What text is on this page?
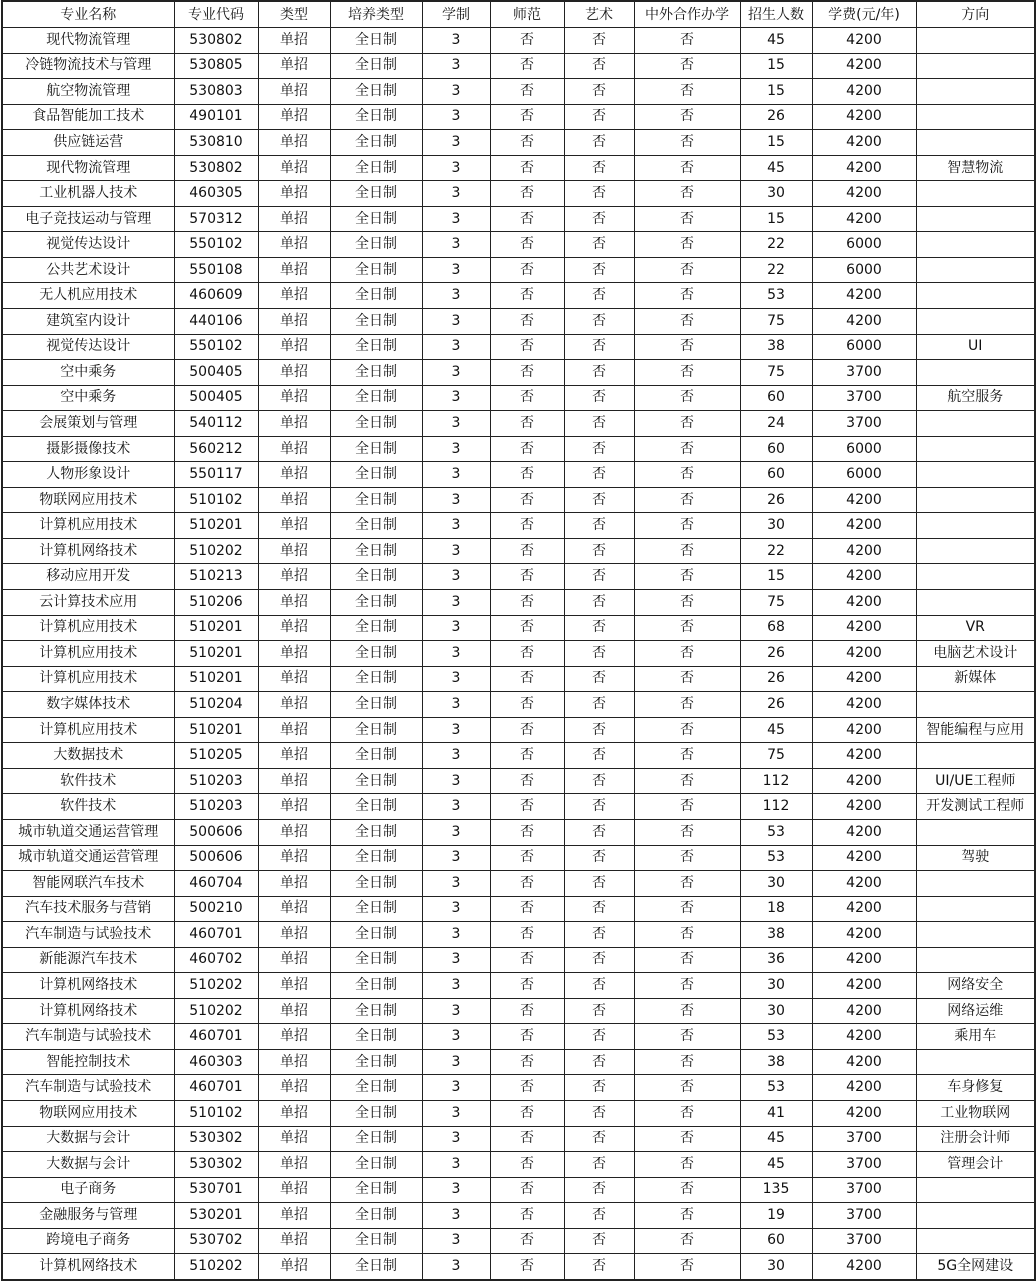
专业名称	专业代码	类型	培养类型	学制	师范	艺术	中外合作办学	招生人数	学费(元/年)	方向
现代物流管理	530802	单招	全日制	3	否	否	否	45	4200	
冷链物流技术与管理	530805	单招	全日制	3	否	否	否	15	4200	
航空物流管理	530803	单招	全日制	3	否	否	否	15	4200	
食品智能加工技术	490101	单招	全日制	3	否	否	否	26	4200	
供应链运营	530810	单招	全日制	3	否	否	否	15	4200	
现代物流管理	530802	单招	全日制	3	否	否	否	45	4200	智慧物流
工业机器人技术	460305	单招	全日制	3	否	否	否	30	4200	
电子竞技运动与管理	570312	单招	全日制	3	否	否	否	15	4200	
视觉传达设计	550102	单招	全日制	3	否	否	否	22	6000	
公共艺术设计	550108	单招	全日制	3	否	否	否	22	6000	
无人机应用技术	460609	单招	全日制	3	否	否	否	53	4200	
建筑室内设计	440106	单招	全日制	3	否	否	否	75	4200	
视觉传达设计	550102	单招	全日制	3	否	否	否	38	6000	UI
空中乘务	500405	单招	全日制	3	否	否	否	75	3700	
空中乘务	500405	单招	全日制	3	否	否	否	60	3700	航空服务
会展策划与管理	540112	单招	全日制	3	否	否	否	24	3700	
摄影摄像技术	560212	单招	全日制	3	否	否	否	60	6000	
人物形象设计	550117	单招	全日制	3	否	否	否	60	6000	
物联网应用技术	510102	单招	全日制	3	否	否	否	26	4200	
计算机应用技术	510201	单招	全日制	3	否	否	否	30	4200	
计算机网络技术	510202	单招	全日制	3	否	否	否	22	4200	
移动应用开发	510213	单招	全日制	3	否	否	否	15	4200	
云计算技术应用	510206	单招	全日制	3	否	否	否	75	4200	
计算机应用技术	510201	单招	全日制	3	否	否	否	68	4200	VR
计算机应用技术	510201	单招	全日制	3	否	否	否	26	4200	电脑艺术设计
计算机应用技术	510201	单招	全日制	3	否	否	否	26	4200	新媒体
数字媒体技术	510204	单招	全日制	3	否	否	否	26	4200	
计算机应用技术	510201	单招	全日制	3	否	否	否	45	4200	智能编程与应用
大数据技术	510205	单招	全日制	3	否	否	否	75	4200	
软件技术	510203	单招	全日制	3	否	否	否	112	4200	UI/UE工程师
软件技术	510203	单招	全日制	3	否	否	否	112	4200	开发测试工程师
城市轨道交通运营管理	500606	单招	全日制	3	否	否	否	53	4200	
城市轨道交通运营管理	500606	单招	全日制	3	否	否	否	53	4200	驾驶
智能网联汽车技术	460704	单招	全日制	3	否	否	否	30	4200	
汽车技术服务与营销	500210	单招	全日制	3	否	否	否	18	4200	
汽车制造与试验技术	460701	单招	全日制	3	否	否	否	38	4200	
新能源汽车技术	460702	单招	全日制	3	否	否	否	36	4200	
计算机网络技术	510202	单招	全日制	3	否	否	否	30	4200	网络安全
计算机网络技术	510202	单招	全日制	3	否	否	否	30	4200	网络运维
汽车制造与试验技术	460701	单招	全日制	3	否	否	否	53	4200	乘用车
智能控制技术	460303	单招	全日制	3	否	否	否	38	4200	
汽车制造与试验技术	460701	单招	全日制	3	否	否	否	53	4200	车身修复
物联网应用技术	510102	单招	全日制	3	否	否	否	41	4200	工业物联网
大数据与会计	530302	单招	全日制	3	否	否	否	45	3700	注册会计师
大数据与会计	530302	单招	全日制	3	否	否	否	45	3700	管理会计
电子商务	530701	单招	全日制	3	否	否	否	135	3700	
金融服务与管理	530201	单招	全日制	3	否	否	否	19	3700	
跨境电子商务	530702	单招	全日制	3	否	否	否	60	3700	
计算机网络技术	510202	单招	全日制	3	否	否	否	30	4200	5G全网建设
